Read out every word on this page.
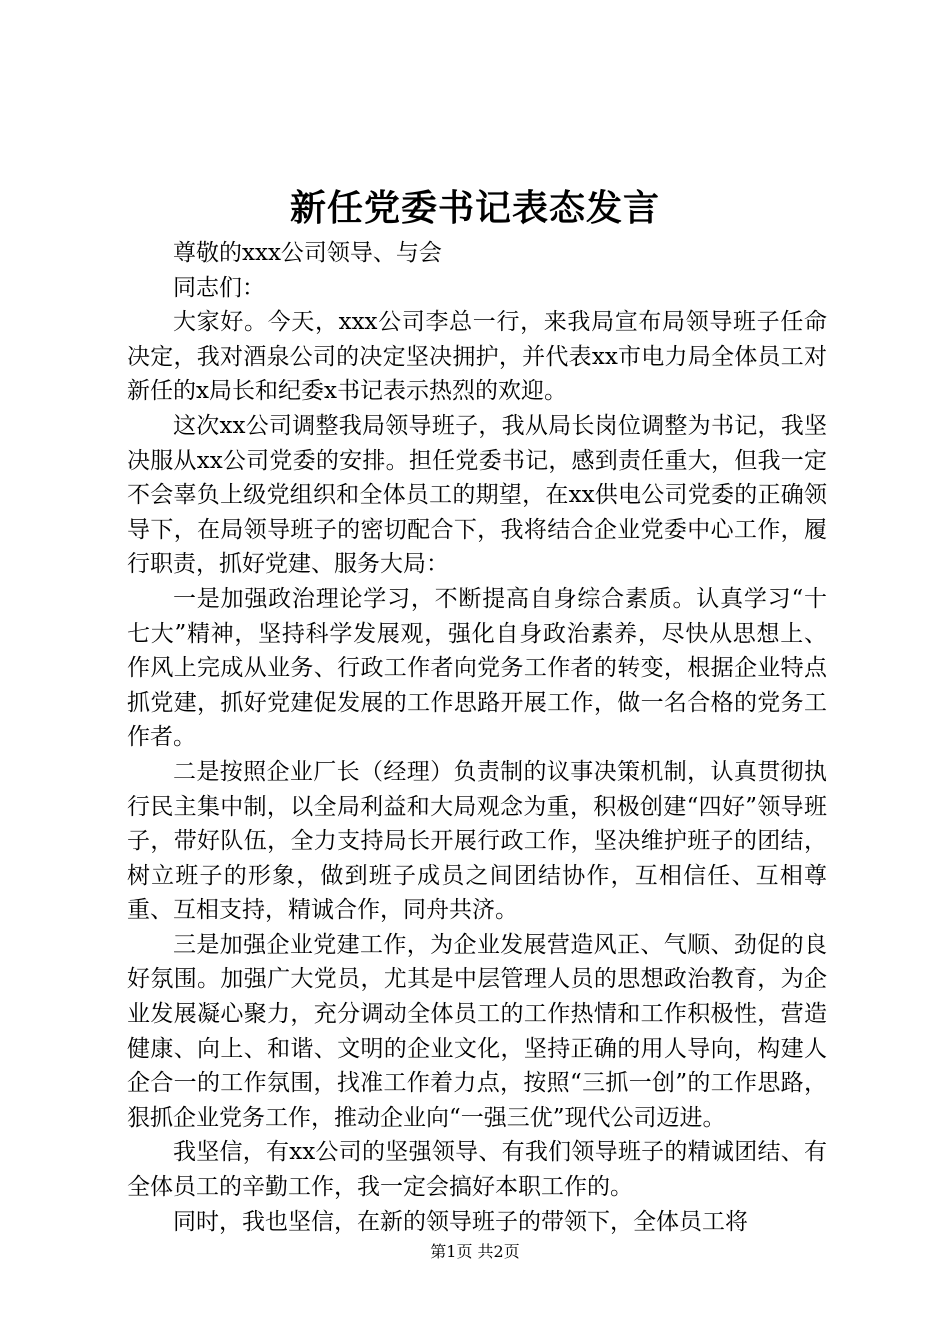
新任党委书记表态发言

尊敬的xxx公司领导、与会

同志们：

大家好。今天，xxx公司李总一行，来我局宣布局领导班子任命决定，我对酒泉公司的决定坚决拥护，并代表xx市电力局全体员工对新任的x局长和纪委x书记表示热烈的欢迎。

这次xx公司调整我局领导班子，我从局长岗位调整为书记，我坚决服从xx公司党委的安排。担任党委书记，感到责任重大，但我一定不会辜负上级党组织和全体员工的期望，在xx供电公司党委的正确领导下，在局领导班子的密切配合下，我将结合企业党委中心工作，履行职责，抓好党建、服务大局：

一是加强政治理论学习，不断提高自身综合素质。认真学习“十七大”精神，坚持科学发展观，强化自身政治素养，尽快从思想上、作风上完成从业务、行政工作者向党务工作者的转变，根据企业特点抓党建，抓好党建促发展的工作思路开展工作，做一名合格的党务工作者。

二是按照企业厂长（经理）负责制的议事决策机制，认真贯彻执行民主集中制，以全局利益和大局观念为重，积极创建“四好”领导班子，带好队伍，全力支持局长开展行政工作，坚决维护班子的团结，树立班子的形象，做到班子成员之间团结协作，互相信任、互相尊重、互相支持，精诚合作，同舟共济。

三是加强企业党建工作，为企业发展营造风正、气顺、劲促的良好氛围。加强广大党员，尤其是中层管理人员的思想政治教育，为企业发展凝心聚力，充分调动全体员工的工作热情和工作积极性，营造健康、向上、和谐、文明的企业文化，坚持正确的用人导向，构建人企合一的工作氛围，找准工作着力点，按照“三抓一创”的工作思路，狠抓企业党务工作，推动企业向“一强三优”现代公司迈进。

我坚信，有xx公司的坚强领导、有我们领导班子的精诚团结、有全体员工的辛勤工作，我一定会搞好本职工作的。

同时，我也坚信，在新的领导班子的带领下，全体员工将

第1页 共2页
